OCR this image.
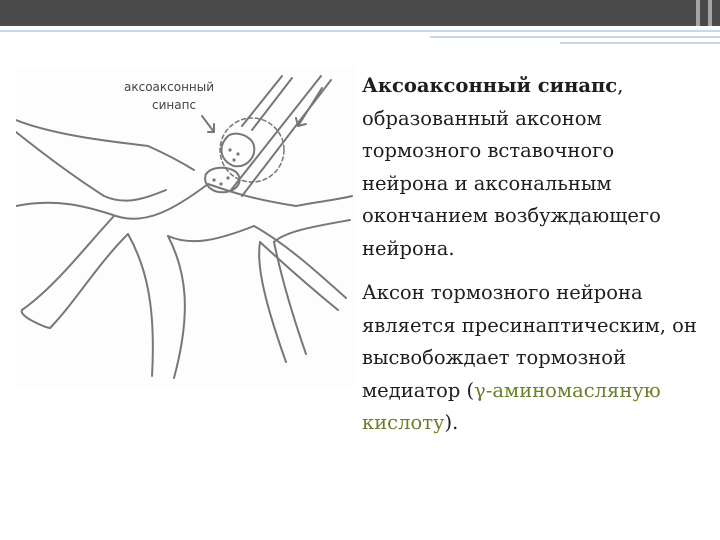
аксоаксонный
синапс

Аксоаксонный синапс, образованный аксоном тормозного вставочного нейрона и аксональным окончанием возбуждающего нейрона.

Аксон тормозного нейрона является пресинаптическим, он высвобождает тормозной медиатор (γ-аминомасляную кислоту).
